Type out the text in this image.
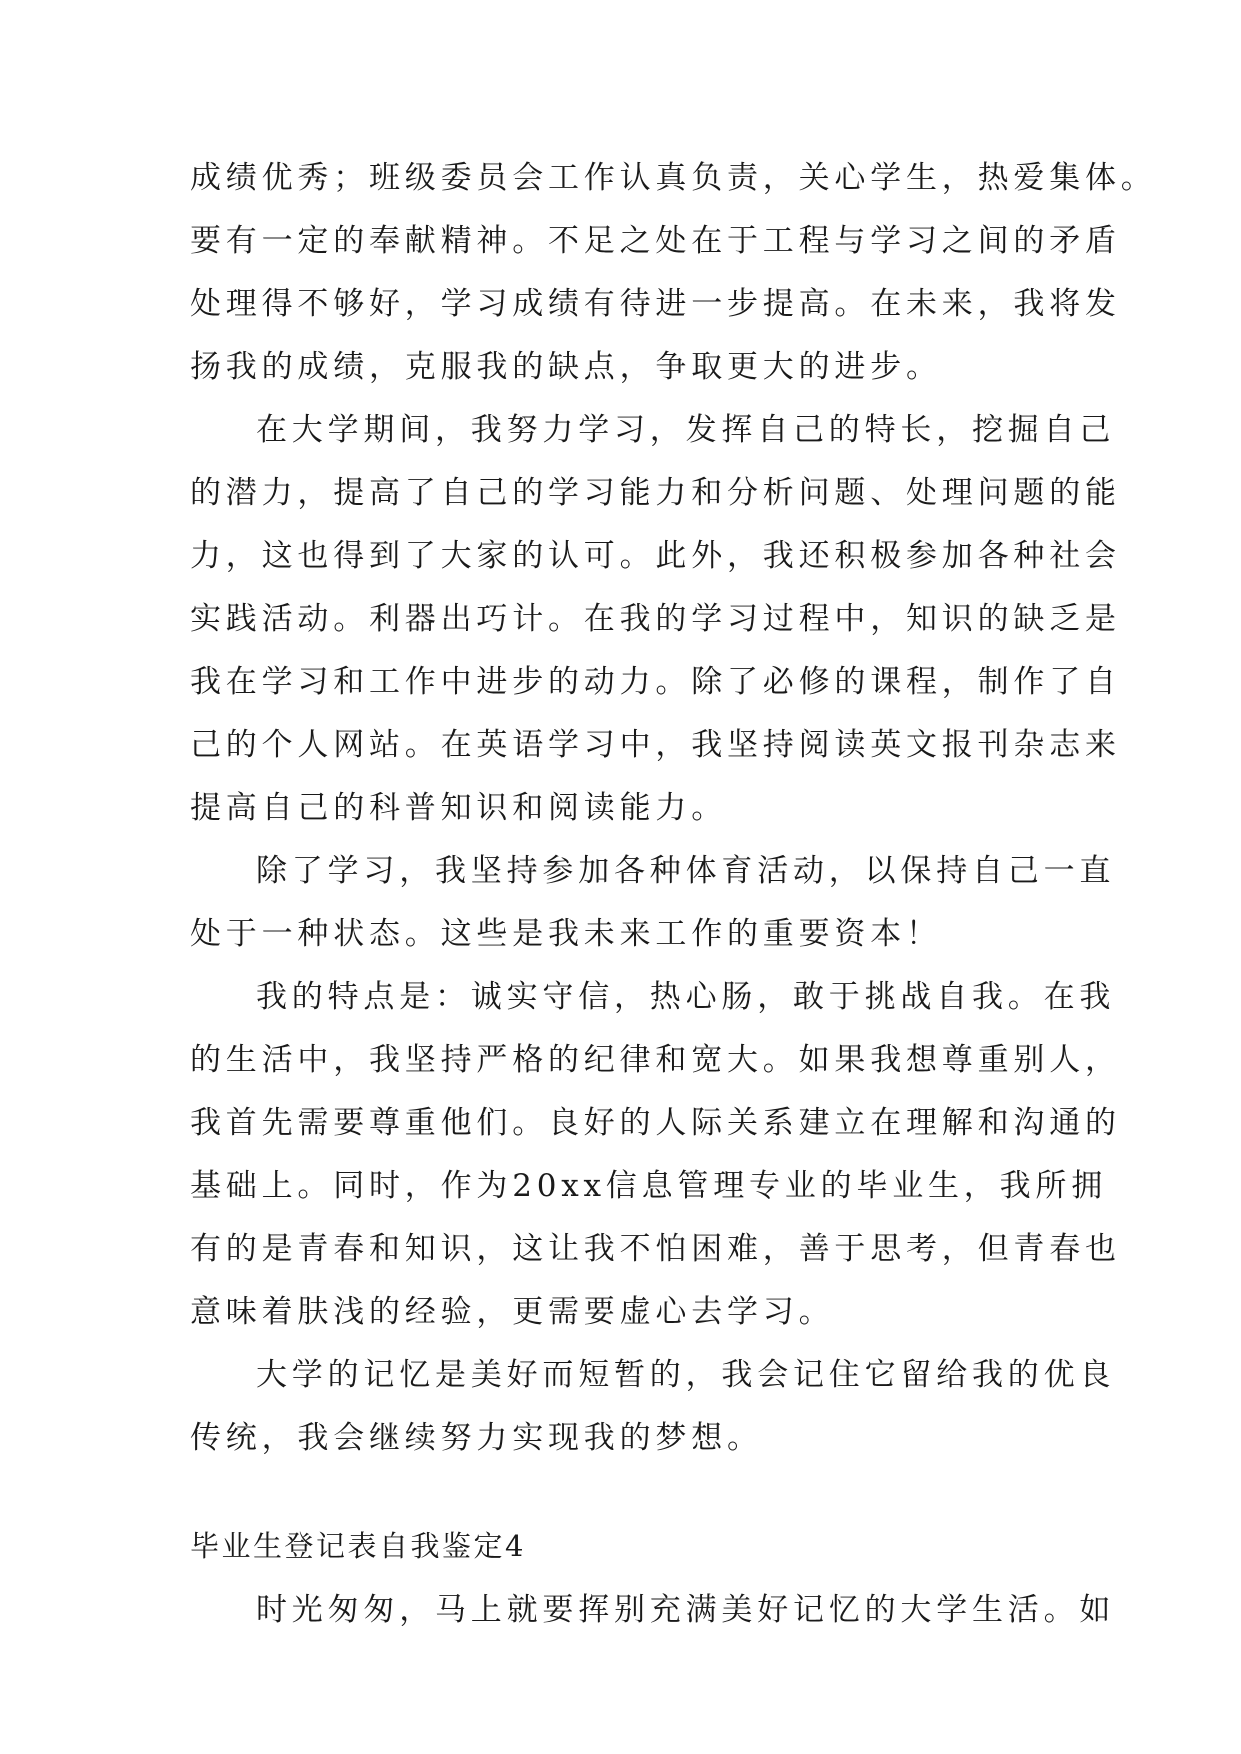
成绩优秀；班级委员会工作认真负责，关心学生，热爱集体。
要有一定的奉献精神。不足之处在于工程与学习之间的矛盾
处理得不够好，学习成绩有待进一步提高。在未来，我将发
扬我的成绩，克服我的缺点，争取更大的进步。
在大学期间，我努力学习，发挥自己的特长，挖掘自己
的潜力，提高了自己的学习能力和分析问题、处理问题的能
力，这也得到了大家的认可。此外，我还积极参加各种社会
实践活动。利器出巧计。在我的学习过程中，知识的缺乏是
我在学习和工作中进步的动力。除了必修的课程，制作了自
己的个人网站。在英语学习中，我坚持阅读英文报刊杂志来
提高自己的科普知识和阅读能力。
除了学习，我坚持参加各种体育活动，以保持自己一直
处于一种状态。这些是我未来工作的重要资本！
我的特点是：诚实守信，热心肠，敢于挑战自我。在我
的生活中，我坚持严格的纪律和宽大。如果我想尊重别人，
我首先需要尊重他们。良好的人际关系建立在理解和沟通的
基础上。同时，作为20xx信息管理专业的毕业生，我所拥
有的是青春和知识，这让我不怕困难，善于思考，但青春也
意味着肤浅的经验，更需要虚心去学习。
大学的记忆是美好而短暂的，我会记住它留给我的优良
传统，我会继续努力实现我的梦想。
毕业生登记表自我鉴定4
时光匆匆，马上就要挥别充满美好记忆的大学生活。如
